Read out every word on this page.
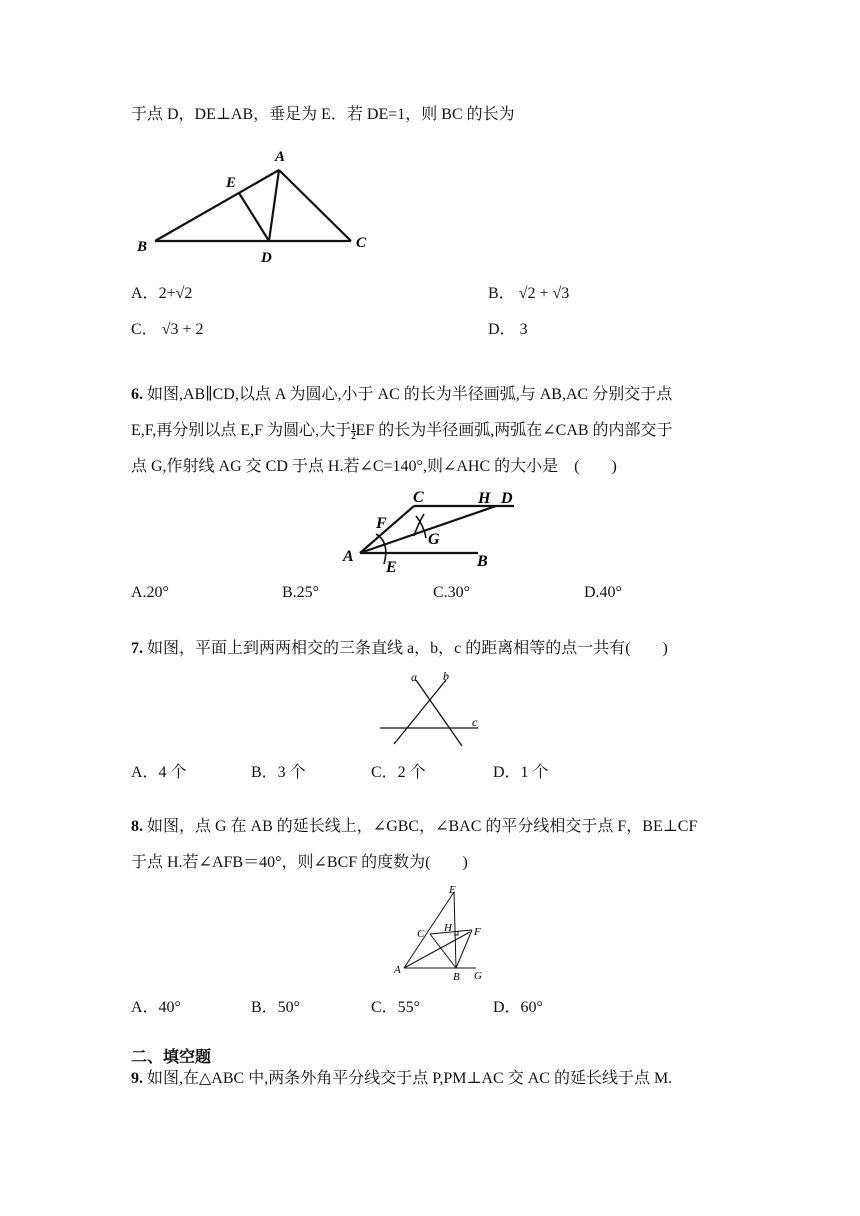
于点 D，DE⊥AB，垂足为 E．若 DE=1，则 BC 的长为
A
B	C
D
E
A．2+√2	B． √2 + √3
C． √3 + 2	D． 3
6. 如图,AB∥CD,以点 A 为圆心,小于 AC 的长为半径画弧,与 AB,AC 分别交于点
E,F,再分别以点 E,F 为圆心,大于 $\frac{1}{2}$ EF 的长为半径画弧,两弧在∠CAB 的内部交于
点 G,作射线 AG 交 CD 于点 H.若∠C=140°,则∠AHC 的大小是　(　　)
C	H D
F
G
A
E	B
A.20°	B.25°	C.30°	D.40°
7. 如图，平面上到两两相交的三条直线 a，b，c 的距离相等的点一共有(　　)
a b
c
A．4 个	B．3 个	C．2 个	D．1 个
8. 如图，点 G 在 AB 的延长线上，∠GBC，∠BAC 的平分线相交于点 F，BE⊥CF
于点 H.若∠AFB＝40°，则∠BCF 的度数为(　　)
E
C H F
A
B G
A．40°	B．50°	C．55°	D．60°
二、填空题
9. 如图,在△ABC 中,两条外角平分线交于点 P,PM⊥AC 交 AC 的延长线于点 M.
